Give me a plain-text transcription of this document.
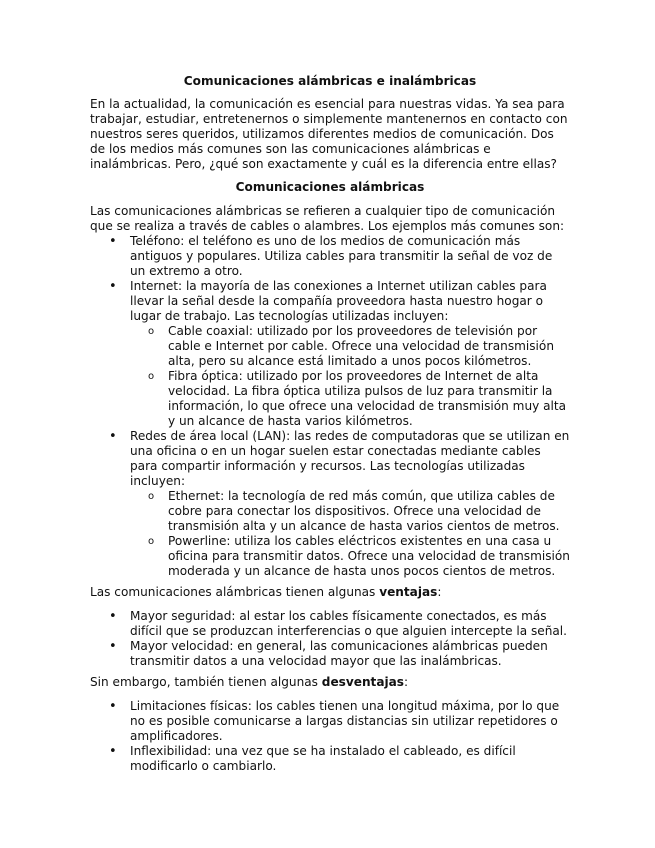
Comunicaciones alámbricas e inalámbricas

En la actualidad, la comunicación es esencial para nuestras vidas. Ya sea para trabajar, estudiar, entretenernos o simplemente mantenernos en contacto con nuestros seres queridos, utilizamos diferentes medios de comunicación. Dos de los medios más comunes son las comunicaciones alámbricas e inalámbricas. Pero, ¿qué son exactamente y cuál es la diferencia entre ellas?

Comunicaciones alámbricas

Las comunicaciones alámbricas se refieren a cualquier tipo de comunicación que se realiza a través de cables o alambres. Los ejemplos más comunes son:

• Teléfono: el teléfono es uno de los medios de comunicación más antiguos y populares. Utiliza cables para transmitir la señal de voz de un extremo a otro.
• Internet: la mayoría de las conexiones a Internet utilizan cables para llevar la señal desde la compañía proveedora hasta nuestro hogar o lugar de trabajo. Las tecnologías utilizadas incluyen:
o Cable coaxial: utilizado por los proveedores de televisión por cable e Internet por cable. Ofrece una velocidad de transmisión alta, pero su alcance está limitado a unos pocos kilómetros.
o Fibra óptica: utilizado por los proveedores de Internet de alta velocidad. La fibra óptica utiliza pulsos de luz para transmitir la información, lo que ofrece una velocidad de transmisión muy alta y un alcance de hasta varios kilómetros.
• Redes de área local (LAN): las redes de computadoras que se utilizan en una oficina o en un hogar suelen estar conectadas mediante cables para compartir información y recursos. Las tecnologías utilizadas incluyen:
o Ethernet: la tecnología de red más común, que utiliza cables de cobre para conectar los dispositivos. Ofrece una velocidad de transmisión alta y un alcance de hasta varios cientos de metros.
o Powerline: utiliza los cables eléctricos existentes en una casa u oficina para transmitir datos. Ofrece una velocidad de transmisión moderada y un alcance de hasta unos pocos cientos de metros.

Las comunicaciones alámbricas tienen algunas ventajas:

• Mayor seguridad: al estar los cables físicamente conectados, es más difícil que se produzcan interferencias o que alguien intercepte la señal.
• Mayor velocidad: en general, las comunicaciones alámbricas pueden transmitir datos a una velocidad mayor que las inalámbricas.

Sin embargo, también tienen algunas desventajas:

• Limitaciones físicas: los cables tienen una longitud máxima, por lo que no es posible comunicarse a largas distancias sin utilizar repetidores o amplificadores.
• Inflexibilidad: una vez que se ha instalado el cableado, es difícil modificarlo o cambiarlo.
